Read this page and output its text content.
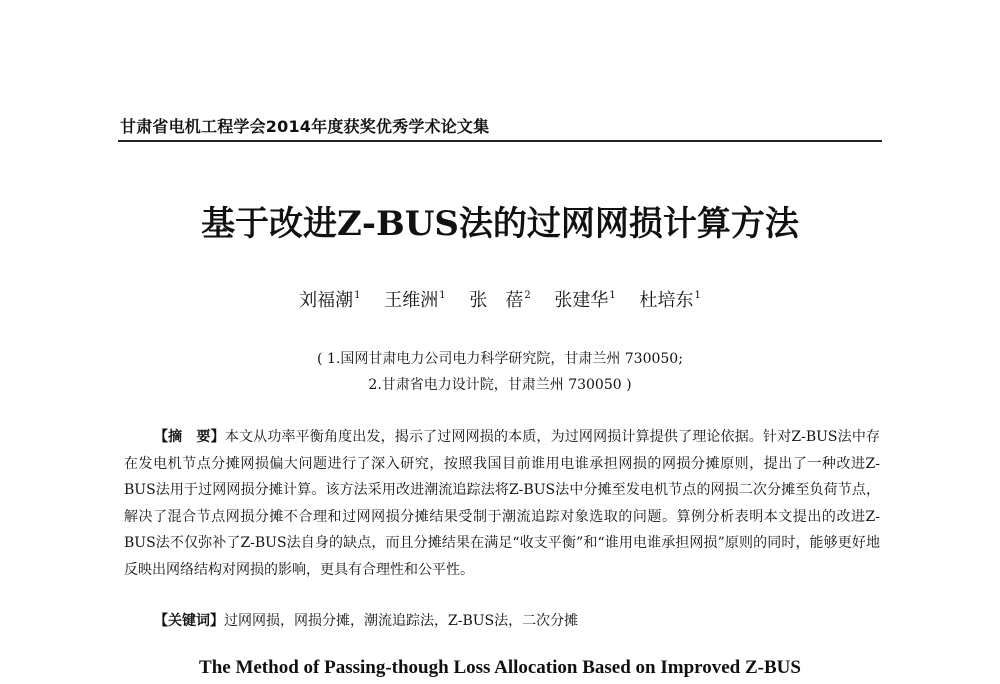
甘肃省电机工程学会2014年度获奖优秀学术论文集
基于改进Z-BUS法的过网网损计算方法
刘福潮$^1$ 王维洲$^1$ 张　蓓$^2$ 张建华$^1$ 杜培东$^1$
( 1.国网甘肃电力公司电力科学研究院，甘肃兰州 730050;
2.甘肃省电力设计院，甘肃兰州 730050 )

【摘　要】本文从功率平衡角度出发，揭示了过网网损的本质，为过网网损计算提供了理论依据。针对Z-BUS法中存在发电机节点分摊网损偏大问题进行了深入研究，按照我国目前谁用电谁承担网损的网损分摊原则，提出了一种改进Z-BUS法用于过网网损分摊计算。该方法采用改进潮流追踪法将Z-BUS法中分摊至发电机节点的网损二次分摊至负荷节点，解决了混合节点网损分摊不合理和过网网损分摊结果受制于潮流追踪对象选取的问题。算例分析表明本文提出的改进Z-BUS法不仅弥补了Z-BUS法自身的缺点，而且分摊结果在满足“收支平衡”和“谁用电谁承担网损”原则的同时，能够更好地反映出网络结构对网损的影响，更具有合理性和公平性。

【关键词】过网网损，网损分摊，潮流追踪法，Z-BUS法，二次分摊
The Method of Passing-though Loss Allocation Based on Improved Z-BUS
